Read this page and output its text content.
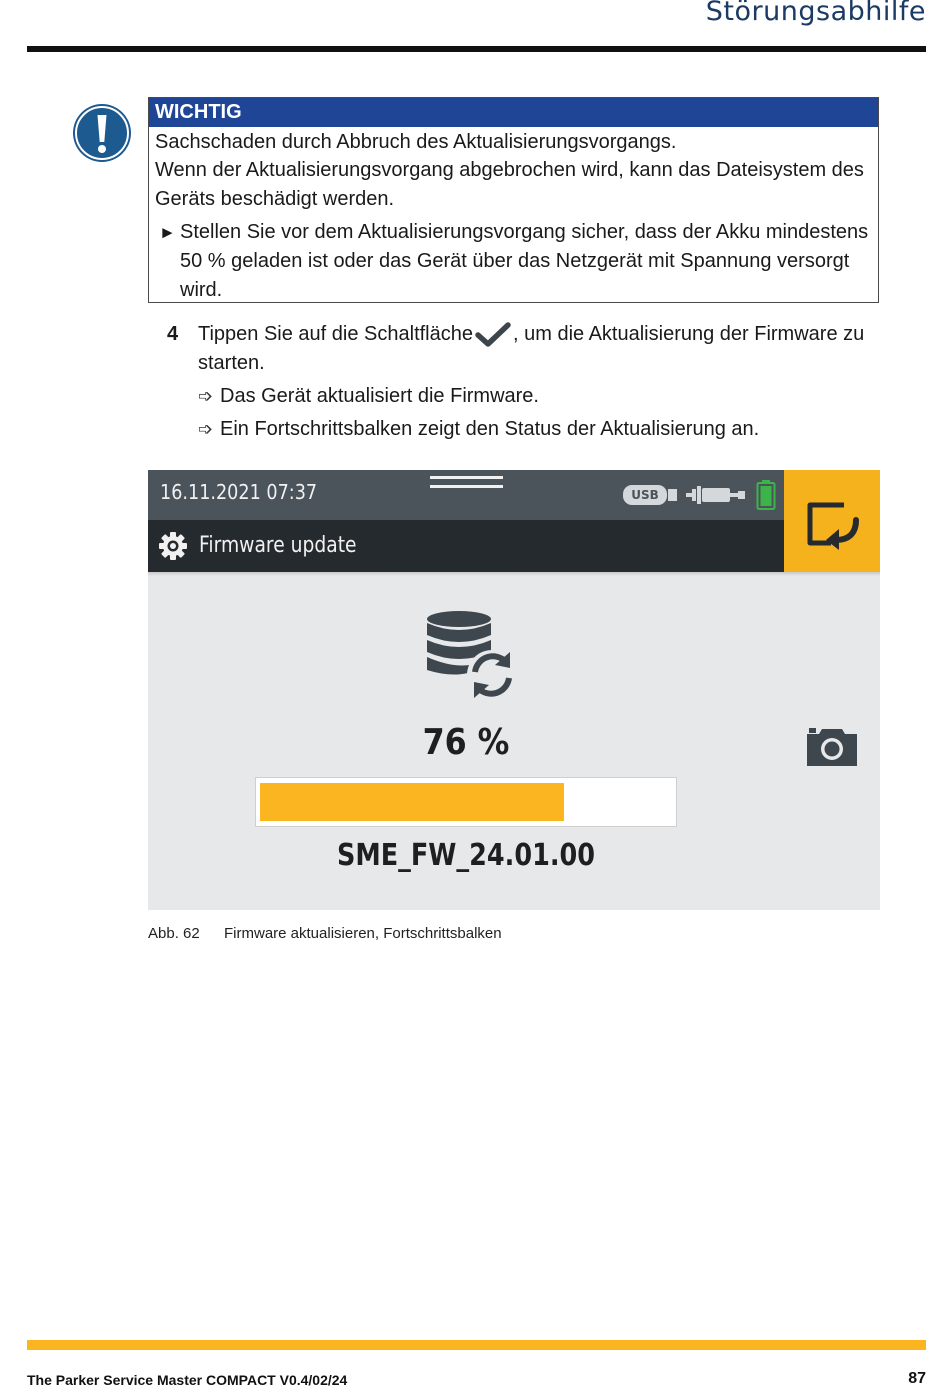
Störungsabhilfe
WICHTIG
Sachschaden durch Abbruch des Aktualisierungsvorgangs.
Wenn der Aktualisierungsvorgang abgebrochen wird, kann das Dateisystem des Geräts beschädigt werden.
► Stellen Sie vor dem Aktualisierungsvorgang sicher, dass der Akku mindestens 50 % geladen ist oder das Gerät über das Netzgerät mit Spannung versorgt wird.
4 Tippen Sie auf die Schaltfläche , um die Aktualisierung der Firmware zu starten.
➩ Das Gerät aktualisiert die Firmware.
➩ Ein Fortschrittsbalken zeigt den Status der Aktualisierung an.
16.11.2021 07:37	USB
Firmware update
76 %
SME_FW_24.01.00
Abb. 62 Firmware aktualisieren, Fortschrittsbalken
The Parker Service Master COMPACT V0.4/02/24	87
